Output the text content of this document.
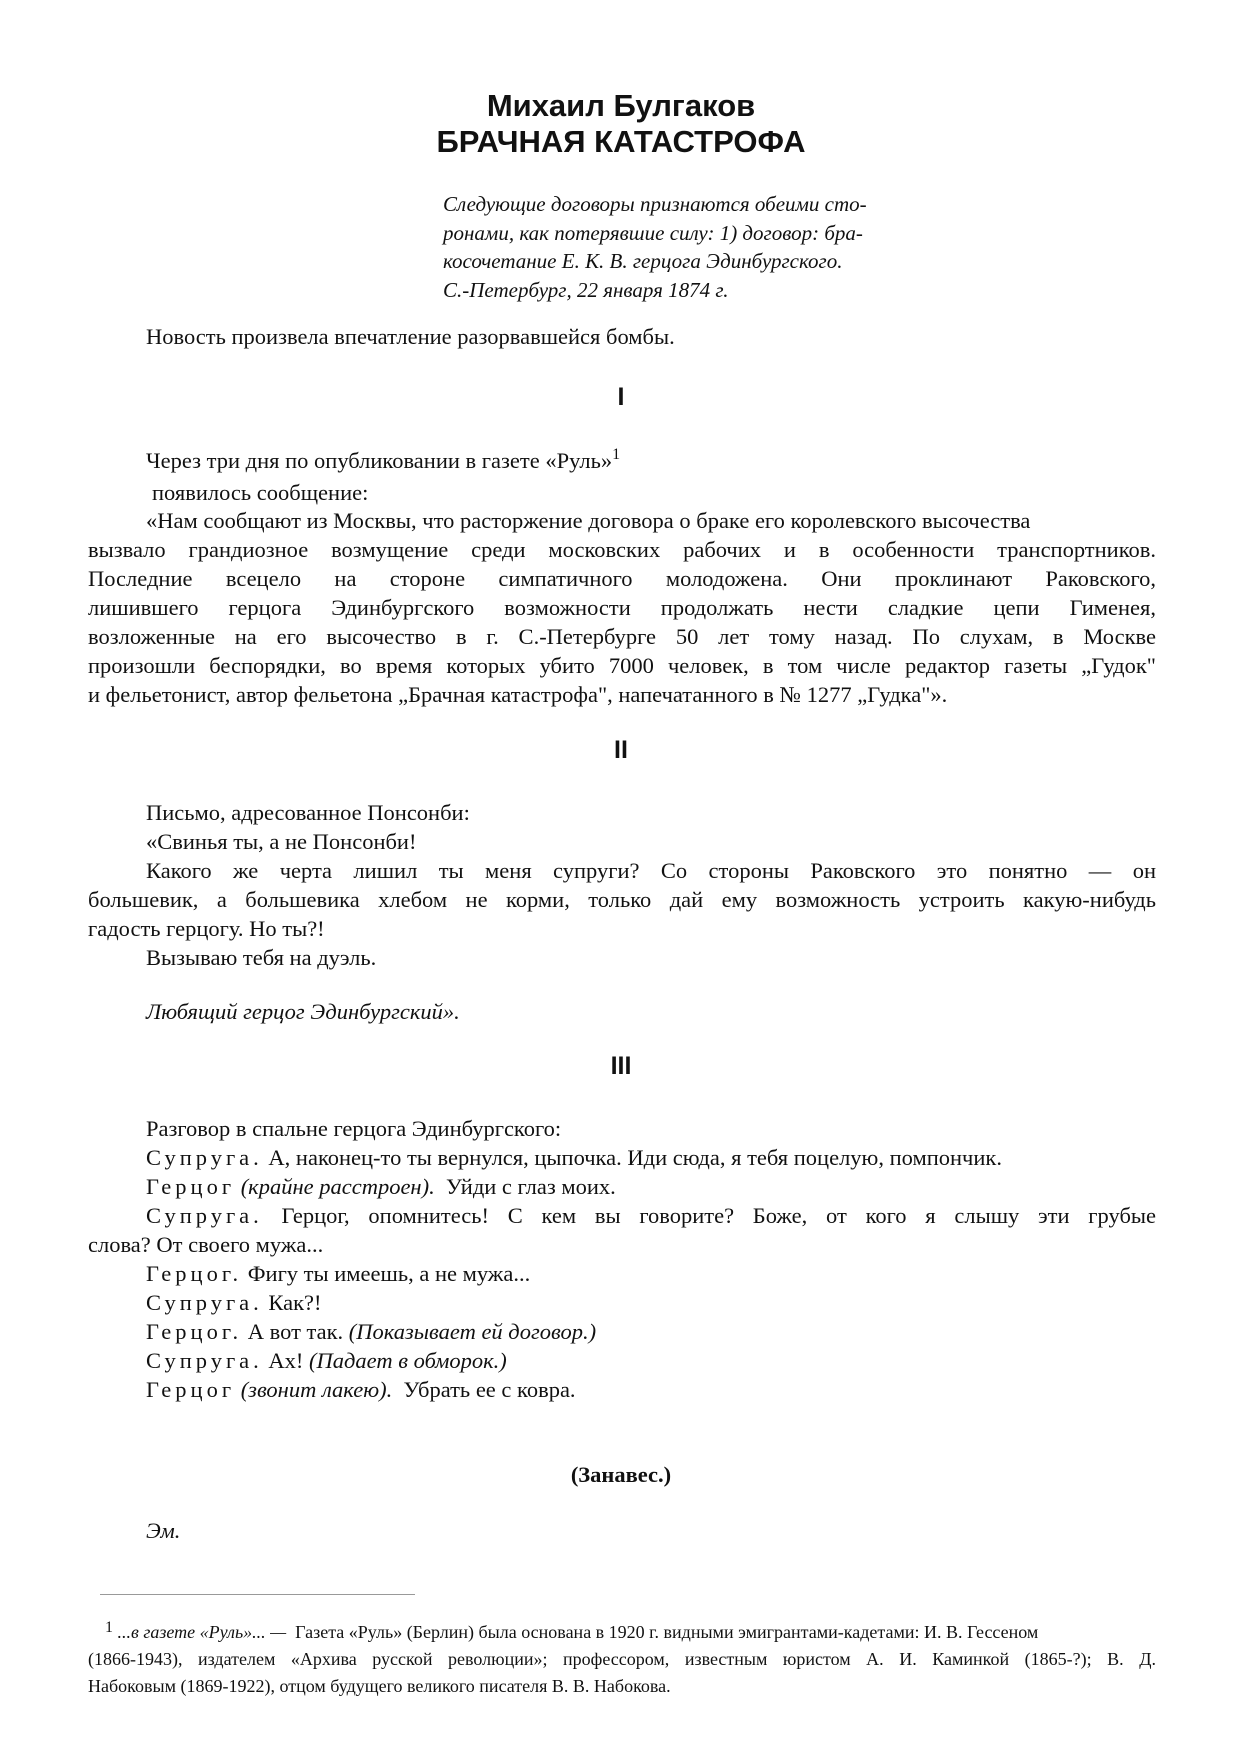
Михаил Булгаков
БРАЧНАЯ КАТАСТРОФА
Следующие договоры признаются обеими сто-
ронами, как потерявшие силу: 1) договор: бра-
косочетание Е. К. В. герцога Эдинбургского.
С.-Петербург, 22 января 1874 г.
Новость произвела впечатление разорвавшейся бомбы.
I
Через три дня по опубликовании в газете «Руль»$^1$
появилось сообщение:
«Нам сообщают из Москвы, что расторжение договора о браке его королевского высочества
вызвало грандиозное возмущение среди московских рабочих и в особенности транспортников.
Последние всецело на стороне симпатичного молодожена. Они проклинают Раковского,
лишившего герцога Эдинбургского возможности продолжать нести сладкие цепи Гименея,
возложенные на его высочество в г. С.-Петербурге 50 лет тому назад. По слухам, в Москве
произошли беспорядки, во время которых убито 7000 человек, в том числе редактор газеты „Гудок"
и фельетонист, автор фельетона „Брачная катастрофа", напечатанного в № 1277 „Гудка"».
II
Письмо, адресованное Понсонби:
«Свинья ты, а не Понсонби!
Какого же черта лишил ты меня супруги? Со стороны Раковского это понятно — он
большевик, а большевика хлебом не корми, только дай ему возможность устроить какую-нибудь
гадость герцогу. Но ты?!
Вызываю тебя на дуэль.
Любящий герцог Эдинбургский».
III
Разговор в спальне герцога Эдинбургского:
Супруга. А, наконец-то ты вернулся, цыпочка. Иди сюда, я тебя поцелую, помпончик.
Герцог (крайне расстроен). Уйди с глаз моих.
Супруга. Герцог, опомнитесь! С кем вы говорите? Боже, от кого я слышу эти грубые
слова? От своего мужа...
Герцог. Фигу ты имеешь, а не мужа...
Супруга. Как?!
Герцог. А вот так. (Показывает ей договор.)
Супруга. Ах! (Падает в обморок.)
Герцог (звонит лакею). Убрать ее с ковра.
(Занавес.)
Эм.
1 ...в газете «Руль»... — Газета «Руль» (Берлин) была основана в 1920 г. видными эмигрантами-кадетами: И. В. Гессеном
(1866-1943), издателем «Архива русской революции»; профессором, известным юристом А. И. Каминкой (1865-?); В. Д.
Набоковым (1869-1922), отцом будущего великого писателя В. В. Набокова.
